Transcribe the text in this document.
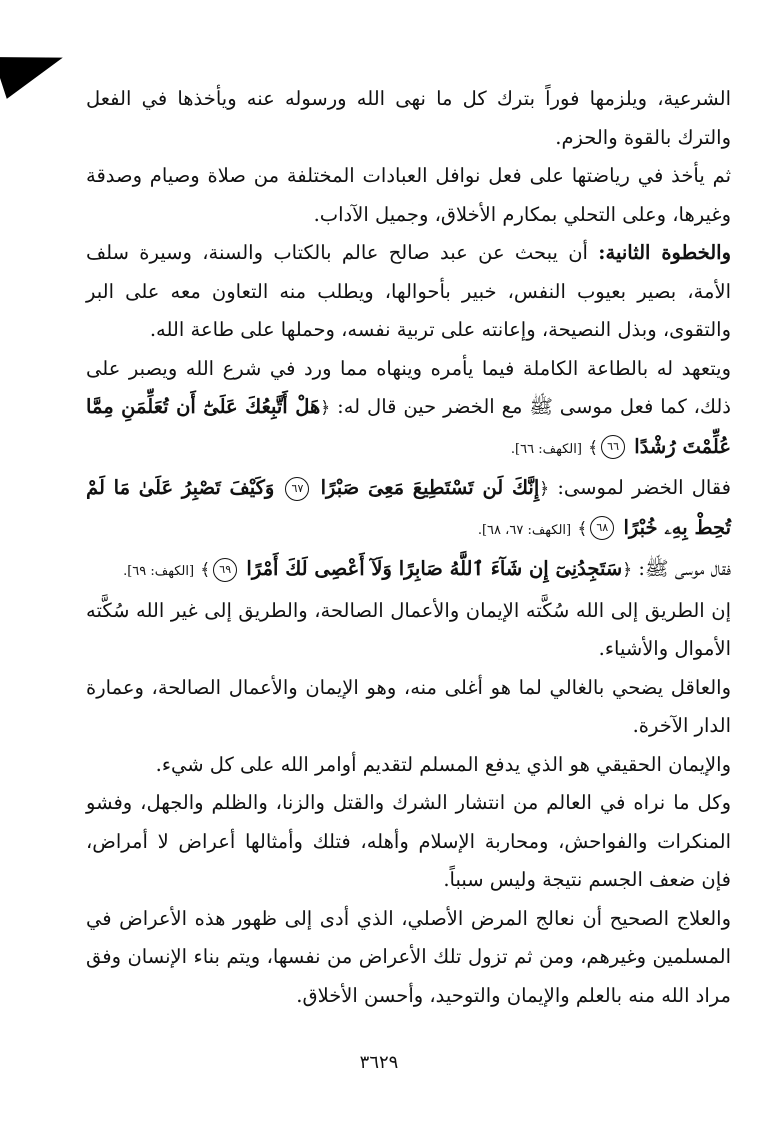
الشرعية، ويلزمها فوراً بترك كل ما نهى الله ورسوله عنه ويأخذها في الفعل والترك بالقوة والحزم.

ثم يأخذ في رياضتها على فعل نوافل العبادات المختلفة من صلاة وصيام وصدقة وغيرها، وعلى التحلي بمكارم الأخلاق، وجميل الآداب.

والخطوة الثانية: أن يبحث عن عبد صالح عالم بالكتاب والسنة، وسيرة سلف الأمة، بصير بعيوب النفس، خبير بأحوالها، ويطلب منه التعاون معه على البر والتقوى، وبذل النصيحة، وإعانته على تربية نفسه، وحملها على طاعة الله.

ويتعهد له بالطاعة الكاملة فيما يأمره وينهاه مما ورد في شرع الله ويصبر على ذلك، كما فعل موسى ﷺ مع الخضر حين قال له: ﴿هَلْ أَتَّبِعُكَ عَلَىٰٓ أَن تُعَلِّمَنِ مِمَّا عُلِّمْتَ رُشْدًا ٦٦﴾ [الكهف: ٦٦].

فقال الخضر لموسى: ﴿إِنَّكَ لَن تَسْتَطِيعَ مَعِىَ صَبْرًا ٦٧ وَكَيْفَ تَصْبِرُ عَلَىٰ مَا لَمْ تُحِطْ بِهِۦ خُبْرًا ٦٨﴾ [الكهف: ٦٧، ٦٨].

فقال موسى ﷺ: ﴿سَتَجِدُنِىٓ إِن شَآءَ ٱللَّهُ صَابِرًا وَلَآ أَعْصِى لَكَ أَمْرًا ٦٩﴾ [الكهف: ٦٩].

إن الطريق إلى الله سُكَّته الإيمان والأعمال الصالحة، والطريق إلى غير الله سُكَّته الأموال والأشياء.

والعاقل يضحي بالغالي لما هو أغلى منه، وهو الإيمان والأعمال الصالحة، وعمارة الدار الآخرة.

والإيمان الحقيقي هو الذي يدفع المسلم لتقديم أوامر الله على كل شيء.

وكل ما نراه في العالم من انتشار الشرك والقتل والزنا، والظلم والجهل، وفشو المنكرات والفواحش، ومحاربة الإسلام وأهله، فتلك وأمثالها أعراض لا أمراض، فإن ضعف الجسم نتيجة وليس سبباً.

والعلاج الصحيح أن نعالج المرض الأصلي، الذي أدى إلى ظهور هذه الأعراض في المسلمين وغيرهم، ومن ثم تزول تلك الأعراض من نفسها، ويتم بناء الإنسان وفق مراد الله منه بالعلم والإيمان والتوحيد، وأحسن الأخلاق.

٣٦٢٩
